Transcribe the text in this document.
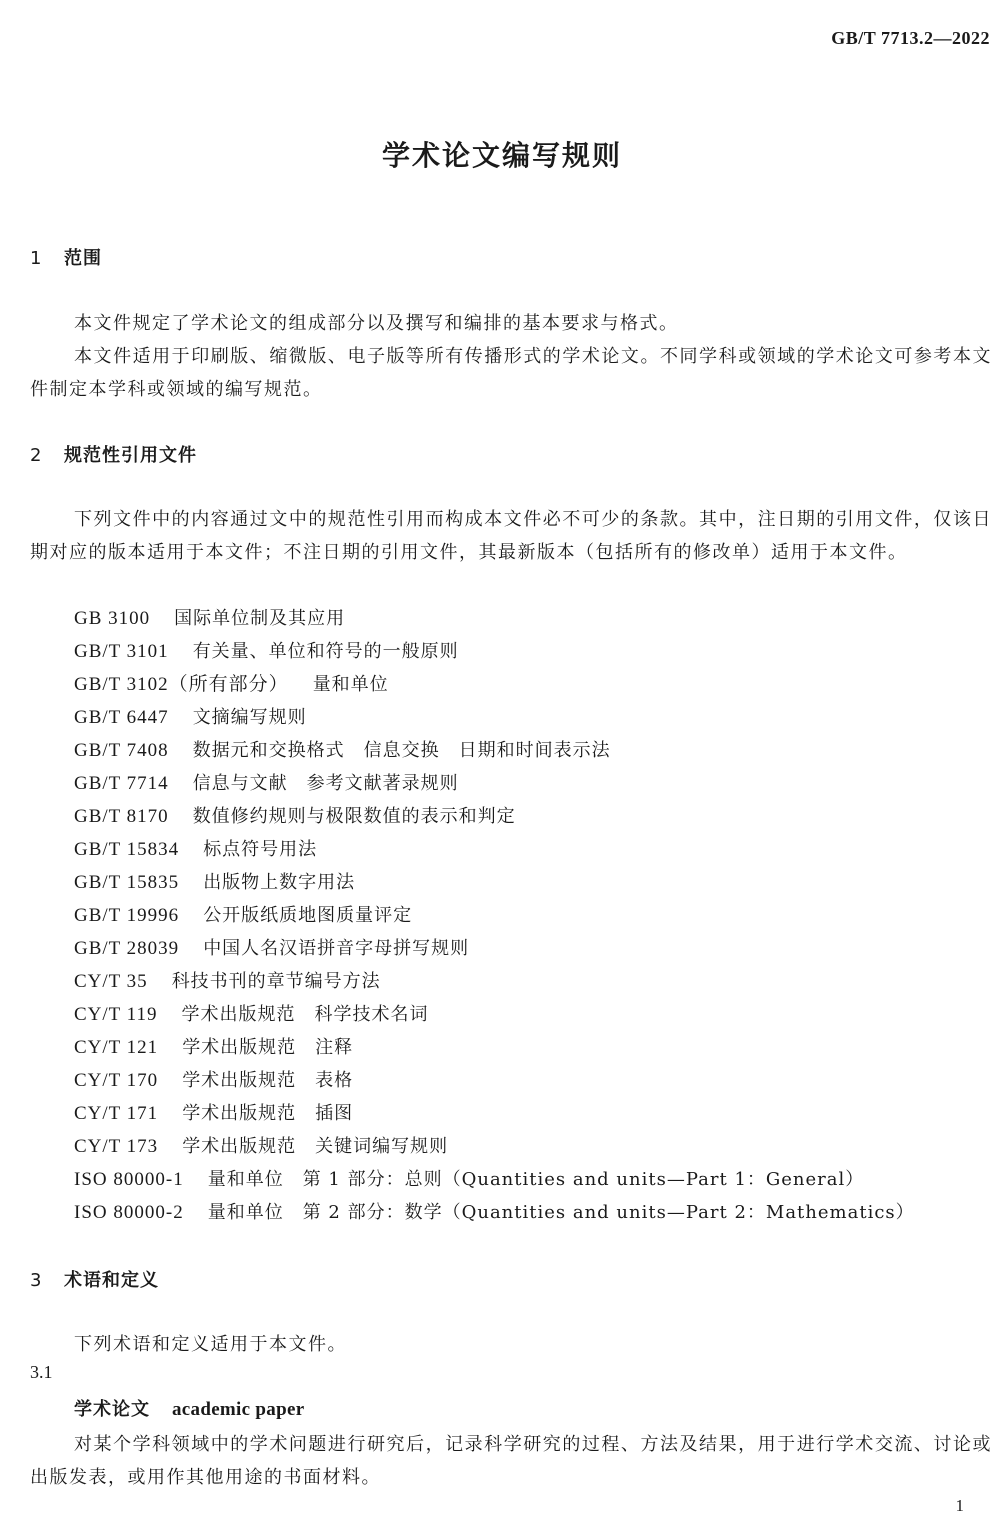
GB/T 7713.2—2022
学术论文编写规则
1 范围

本文件规定了学术论文的组成部分以及撰写和编排的基本要求与格式。

本文件适用于印刷版、缩微版、电子版等所有传播形式的学术论文。不同学科或领域的学术论文可参考本文件制定本学科或领域的编写规范。

2 规范性引用文件

下列文件中的内容通过文中的规范性引用而构成本文件必不可少的条款。其中，注日期的引用文件，仅该日期对应的版本适用于本文件；不注日期的引用文件，其最新版本（包括所有的修改单）适用于本文件。

GB 3100 国际单位制及其应用
GB/T 3101 有关量、单位和符号的一般原则
GB/T 3102（所有部分） 量和单位
GB/T 6447 文摘编写规则
GB/T 7408 数据元和交换格式　信息交换　日期和时间表示法
GB/T 7714 信息与文献　参考文献著录规则
GB/T 8170 数值修约规则与极限数值的表示和判定
GB/T 15834 标点符号用法
GB/T 15835 出版物上数字用法
GB/T 19996 公开版纸质地图质量评定
GB/T 28039 中国人名汉语拼音字母拼写规则
CY/T 35 科技书刊的章节编号方法
CY/T 119 学术出版规范　科学技术名词
CY/T 121 学术出版规范　注释
CY/T 170 学术出版规范　表格
CY/T 171 学术出版规范　插图
CY/T 173 学术出版规范　关键词编写规则
ISO 80000-1 量和单位　第 1 部分：总则（Quantities and units—Part 1：General）
ISO 80000-2 量和单位　第 2 部分：数学（Quantities and units—Part 2：Mathematics）
3 术语和定义

下列术语和定义适用于本文件。

3.1
学术论文 academic paper

对某个学科领域中的学术问题进行研究后，记录科学研究的过程、方法及结果，用于进行学术交流、讨论或出版发表，或用作其他用途的书面材料。

1
